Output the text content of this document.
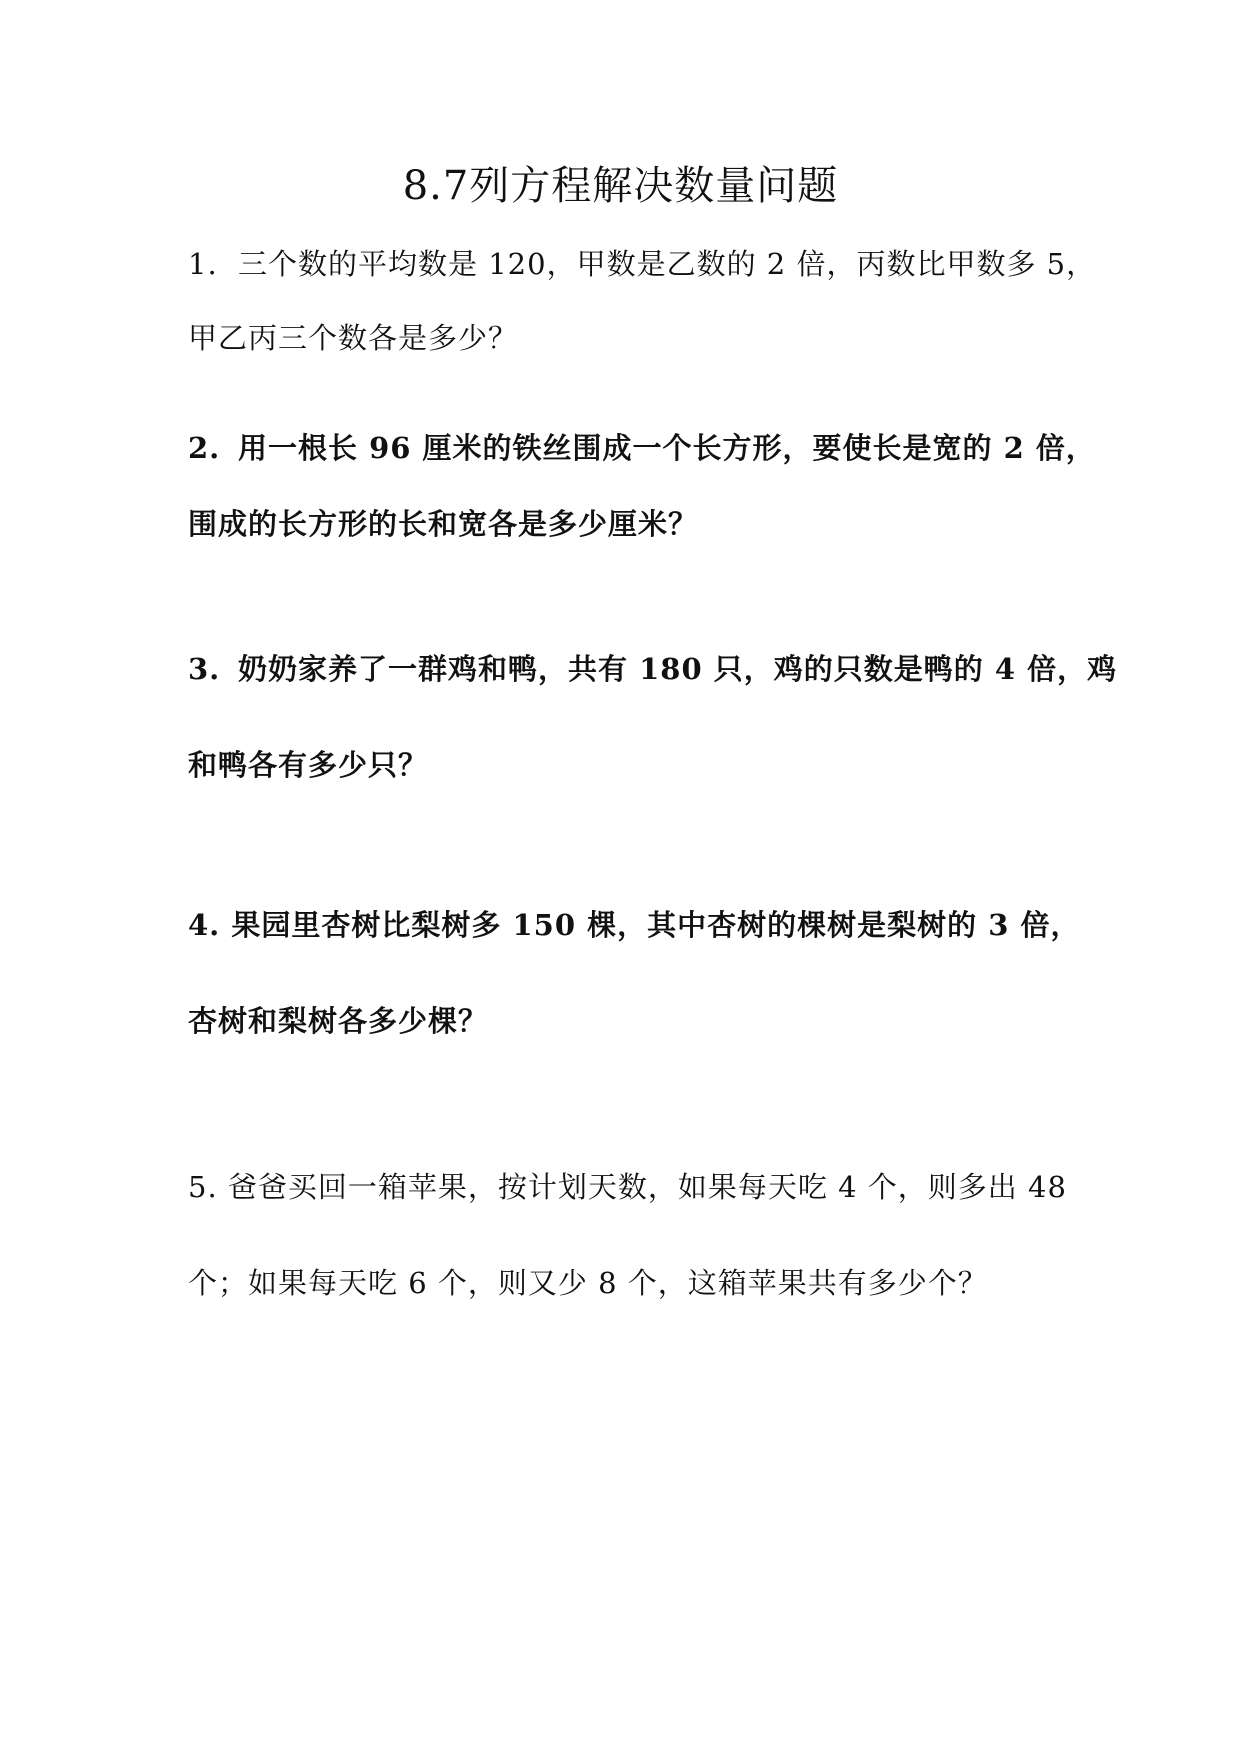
8.7列方程解决数量问题
1. 三个数的平均数是 120，甲数是乙数的 2 倍，丙数比甲数多 5，
甲乙丙三个数各是多少？
2. 用一根长 96 厘米的铁丝围成一个长方形，要使长是宽的 2 倍，
围成的长方形的长和宽各是多少厘米？
3. 奶奶家养了一群鸡和鸭，共有 180 只，鸡的只数是鸭的 4 倍，鸡
和鸭各有多少只？
4. 果园里杏树比梨树多 150 棵，其中杏树的棵树是梨树的 3 倍，
杏树和梨树各多少棵？
5. 爸爸买回一箱苹果，按计划天数，如果每天吃 4 个，则多出 48
个；如果每天吃 6 个，则又少 8 个，这箱苹果共有多少个？
